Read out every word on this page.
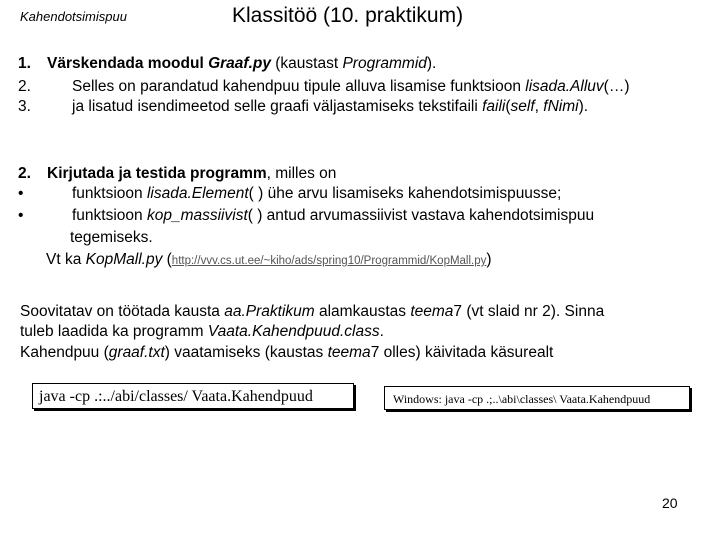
Kahendotsimispuu	Klassitöö (10. praktikum)
1. Värskendada moodul Graaf.py (kaustast Programmid).
2.	Selles on parandatud kahendpuu tipule alluva lisamise funktsioon lisada.Alluv(…)
3.	ja lisatud isendimeetod selle graafi väljastamiseks tekstifaili faili(self, fNimi).
2. Kirjutada ja testida programm, milles on
•	funktsioon lisada.Element( ) ühe arvu lisamiseks kahendotsimispuusse;
•	funktsioon kop_massiivist( ) antud arvumassiivist vastava kahendotsimispuu
tegemiseks.
Vt ka KopMall.py (http://vvv.cs.ut.ee/~kiho/ads/spring10/Programmid/KopMall.py)
Soovitatav on töötada kausta aa.Praktikum alamkaustas teema7 (vt slaid nr 2). Sinna
tuleb laadida ka programm Vaata.Kahendpuud.class.
Kahendpuu (graaf.txt) vaatamiseks (kaustas teema7 olles) käivitada käsurealt
java -cp .:../abi/classes/ Vaata.Kahendpuud	Windows: java -cp .;..\abi\classes\ Vaata.Kahendpuud
20
